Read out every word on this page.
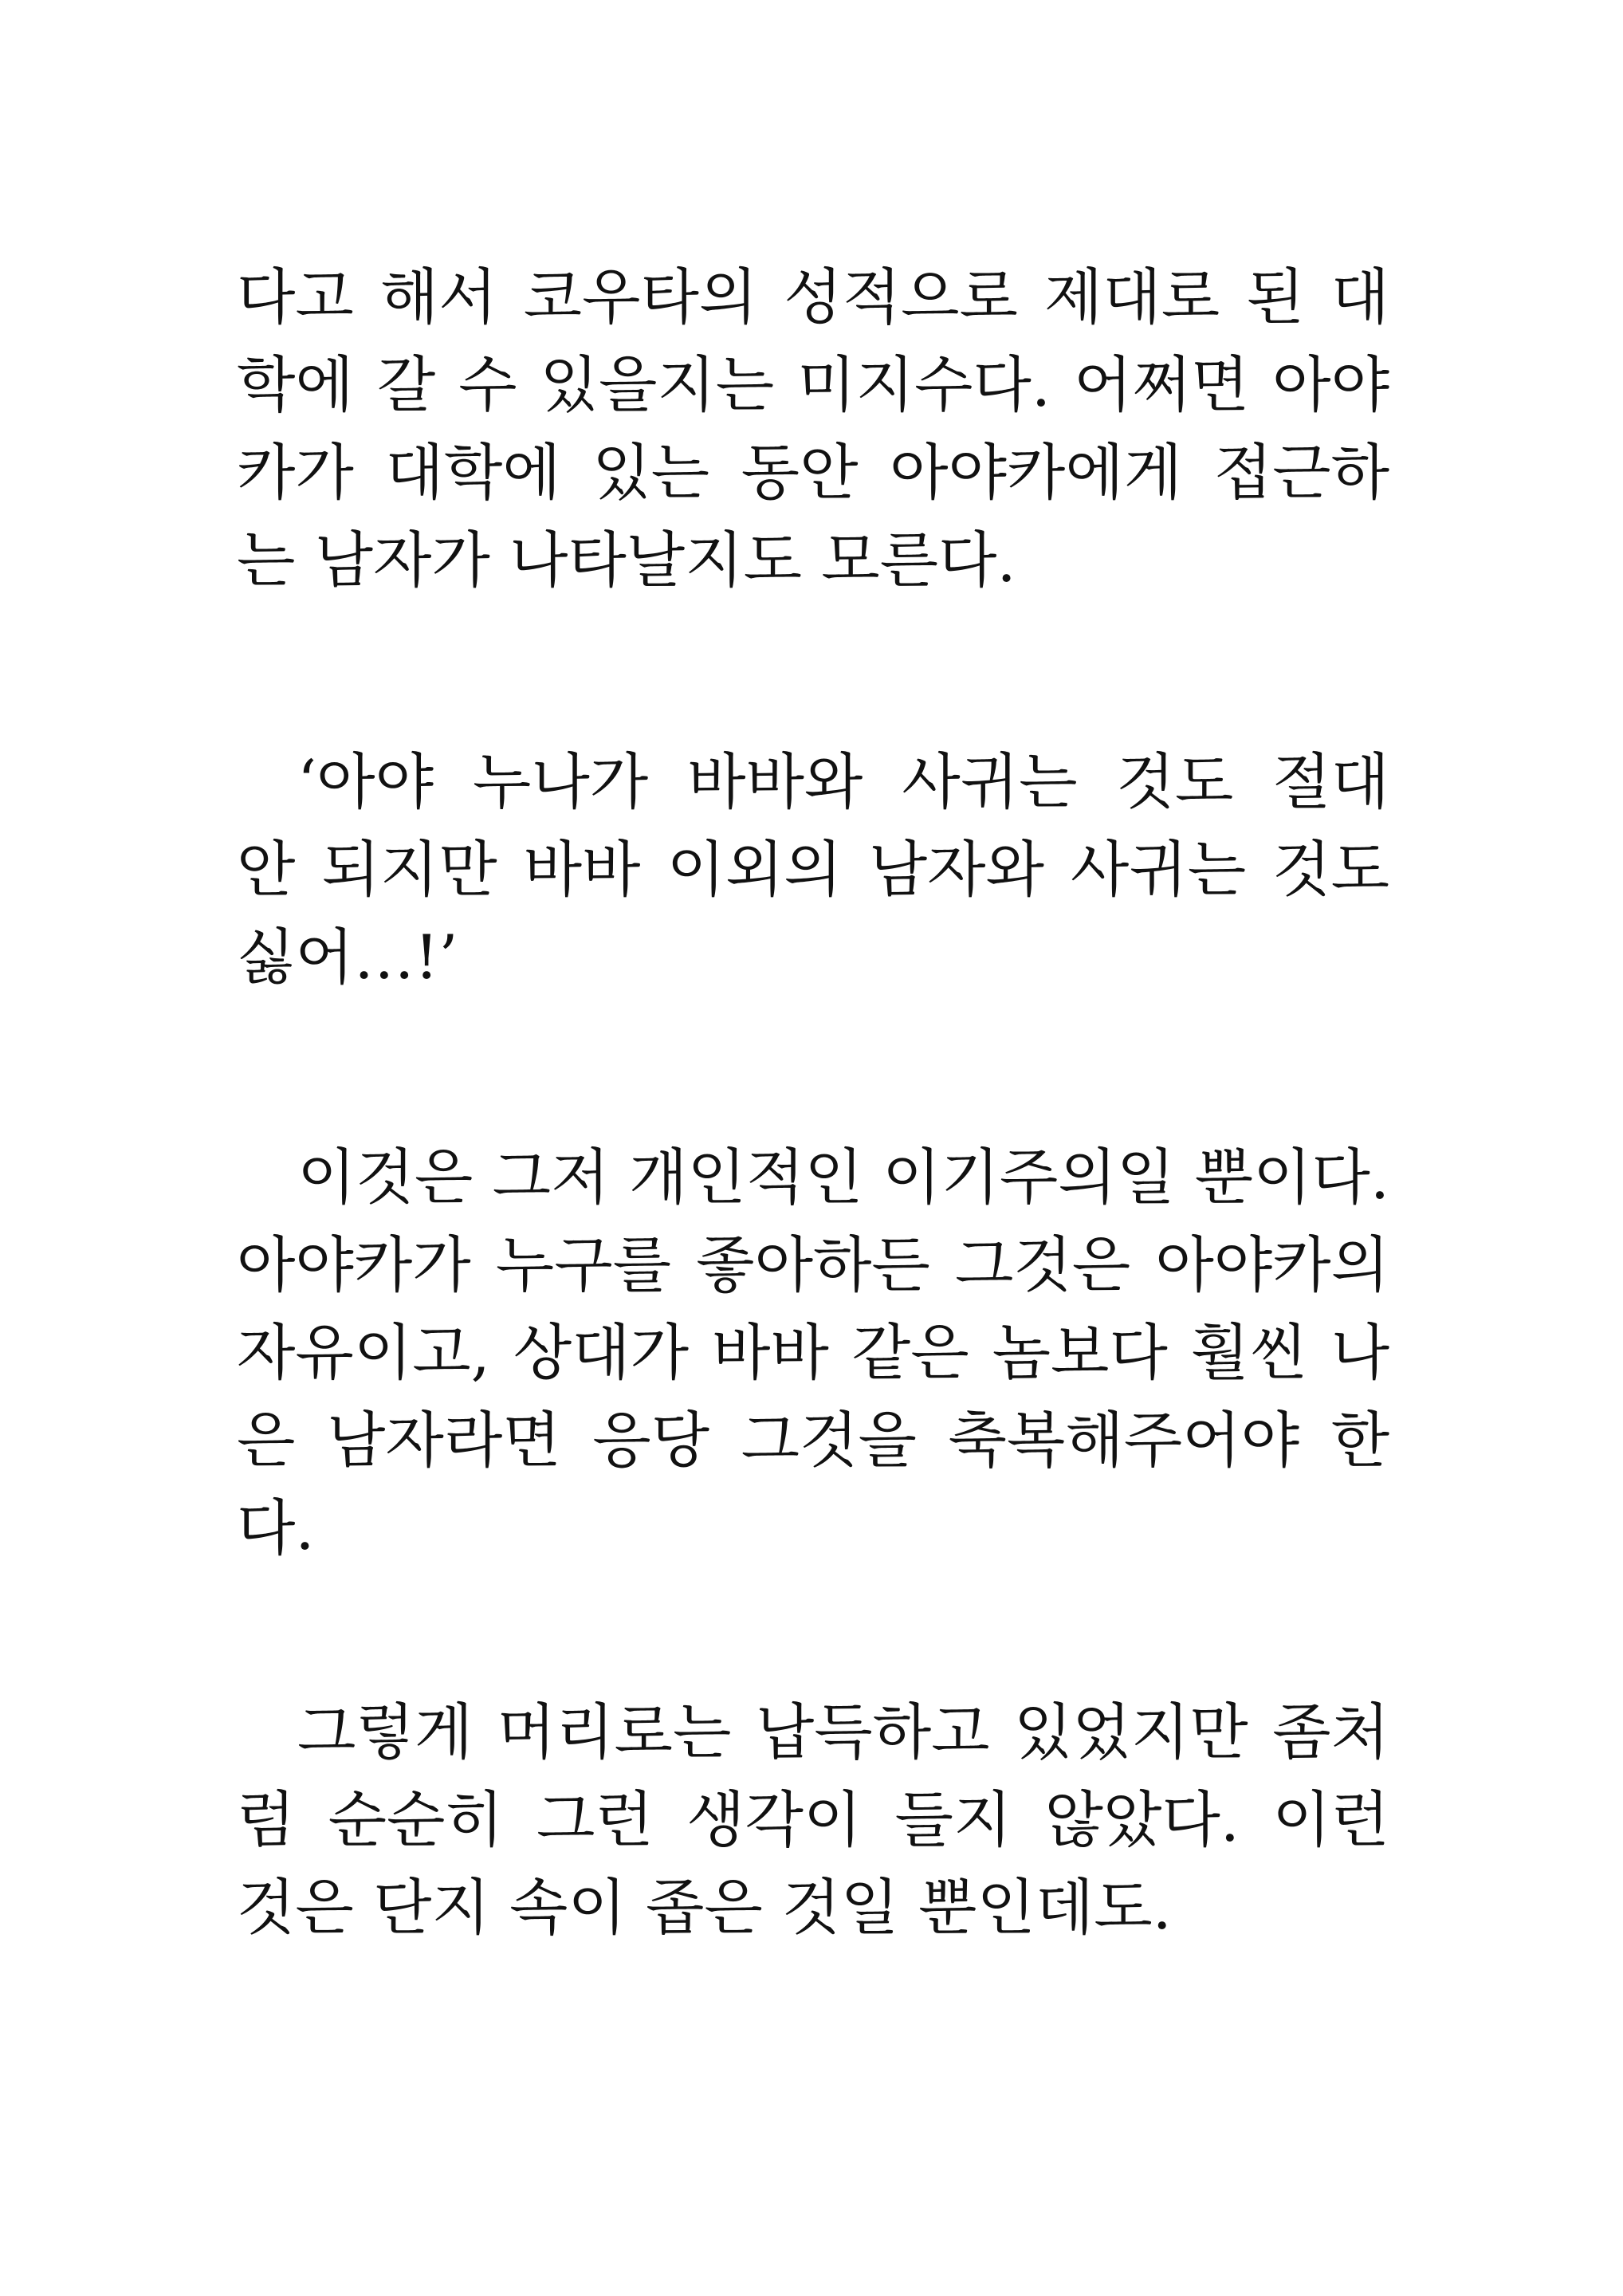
다고 해서 코우타의 성적으로 제대로 된 대
학에 갈 수 있을지는 미지수다. 어쩌면 아야
카가 대학에 있는 동안 아야카에게 접근하
는 남자가 나타날지도 모른다.
‘아야 누나가 바바와 사귀는 것도 절대
안 되지만 바바 이외의 남자와 사귀는 것도
싫어…!’
이것은 그저 개인적인 이기주의일 뿐이다.
아야카가 누구를 좋아하든 그것은 아야카의
자유이고, 상대가 바바 같은 놈보다 훨씬 나
은 남자라면 응당 그것을 축복해주어야 한
다.
그렇게 머리로는 납득하고 있었지만 좀처
럼 순순히 그런 생각이 들지 않았다. 이런
것은 단지 속이 좁은 것일 뿐인데도.
